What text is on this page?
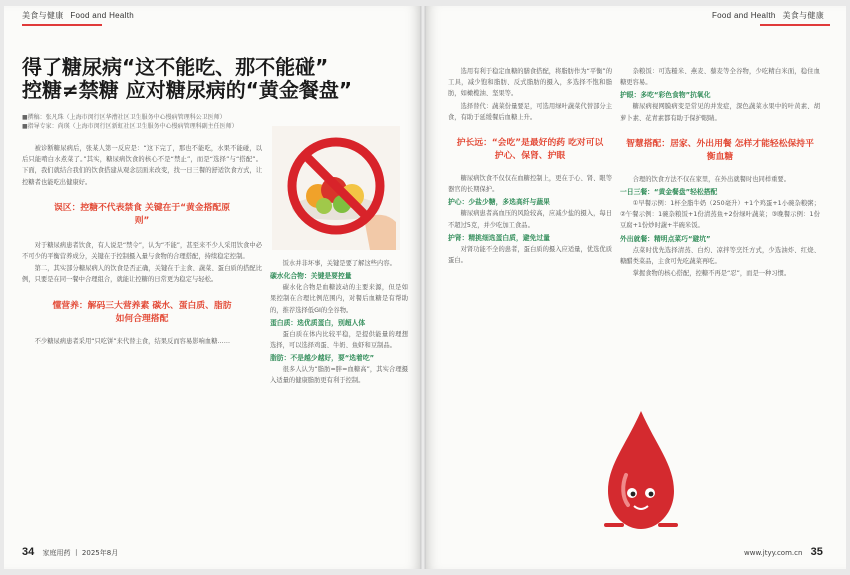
美食与健康 Food and Health	Food and Health 美食与健康
得了糖尿病“这不能吃、那不能碰”
控糖≠禁糖 应对糖尿病的“黄金餐盘”
■撰稿：张凡珠（上海市闵行区华漕社区卫生服务中心慢病管理科公卫医师）
■指导专家：尚瑛（上海市闵行区新虹社区卫生服务中心慢病管理科副主任医师）
被诊断糖尿病后，张某人第一反应是：“这下完了，那也不能吃，水果不能碰，以后只能啃白水煮菜了。”其实，糖尿病饮食的核心不是“禁止”，而是“选择”与“搭配”。下面，我们就结合我们的饮食搭建从观念层面来改变，找一日三餐的舒适饮食方式，让控糖者也能吃出健康好。
误区：控糖不代表禁食 关键在于“黄金搭配原则”
对于糖尿病患者饮食，有人说是“禁令”，认为“不能”，甚至来不少人采用饮食中必不可少的平衡营养成分，关键在于控制摄入量与食物的合理搭配，持续稳定控制。
第二，其实部分糖尿病人的饮食是否正确，关键在于主食、蔬菜、蛋白质的搭配比例，只要是在同一餐中合理组合，就能让控糖的日常更为稳定与轻松。
懂营养：解码三大营养素 碳水、蛋白质、脂肪如何合理搭配
不少糖尿病患者采用“只吃饼”来代替主食，结果反而容易影响血糖……
饭水并非坏事，关键是要了解这些内容。
碳水化合物：关键是要控量
碳水化合物是血糖波动的主要来源，但是如果控制在合理比例范围内，对餐后血糖是有帮助的，推荐选择低GI的全谷物。
蛋白质：选优质蛋白，别超人体
蛋白质在体内比较平稳，是提供能量的理想选择，可以选择鸡蛋、牛奶、鱼虾和豆制品。
脂肪：不是越少越好，要“选着吃”
很多人认为“脂肪=胖=血糖高”，其实合理摄入适量的健康脂肪更有利于控制。
选用有利于稳定血糖的膳食搭配，将脂肪作为“平衡”的工具，减少饱和脂肪、反式脂肪的摄入，多选择不饱和脂肪，如橄榄油、坚果等。
选择替代：蔬菜份量要足，可选用绿叶蔬菜代替部分主食，有助于延缓餐后血糖上升。
护长远：“会吃”是最好的药 吃对可以护心、保肾、护眼
糖尿病饮食不仅仅在血糖控制上，更在于心、肾、眼等器官的长期保护。
护心：少盐少糖，多选高纤与蔬果
糖尿病患者高血压的风险较高，应减少盐的摄入，每日不超过5克，并少吃加工食品。
护肾：精挑细选蛋白质，避免过量
对肾功能不全的患者，蛋白质的摄入应适量，优选优质蛋白。
杂粮饭：可选糙米、燕麦、藜麦等全谷物，少吃精白米面，稳住血糖更容易。
护眼：多吃“彩色食物”抗氧化
糖尿病视网膜病变是常见的并发症，深色蔬菜水果中的叶黄素、胡萝卜素、花青素都有助于保护眼睛。
智慧搭配：居家、外出用餐 怎样才能轻松保持平衡血糖
合理的饮食方法不仅在家里，在外出就餐时也同样重要。
一日三餐：“黄金餐盘”轻松搭配
①早餐示例：1杯全脂牛奶（250毫升）+1个鸡蛋+1小碗杂粮粥；②午餐示例：1碗杂粮饭+1份清蒸鱼+2份绿叶蔬菜；③晚餐示例：1份豆腐+1份炒时蔬+半碗米饭。
外出就餐：精明点菜巧“避坑”
点菜时优先选择清蒸、白灼、凉拌等烹饪方式，少选油炸、红烧、糖醋类菜品，主食可先吃蔬菜再吃。
掌握食物的核心搭配，控糖不再是“忍”，而是一种习惯。
34 家庭用药 丨 2025年8月	www.jtyy.com.cn 35
